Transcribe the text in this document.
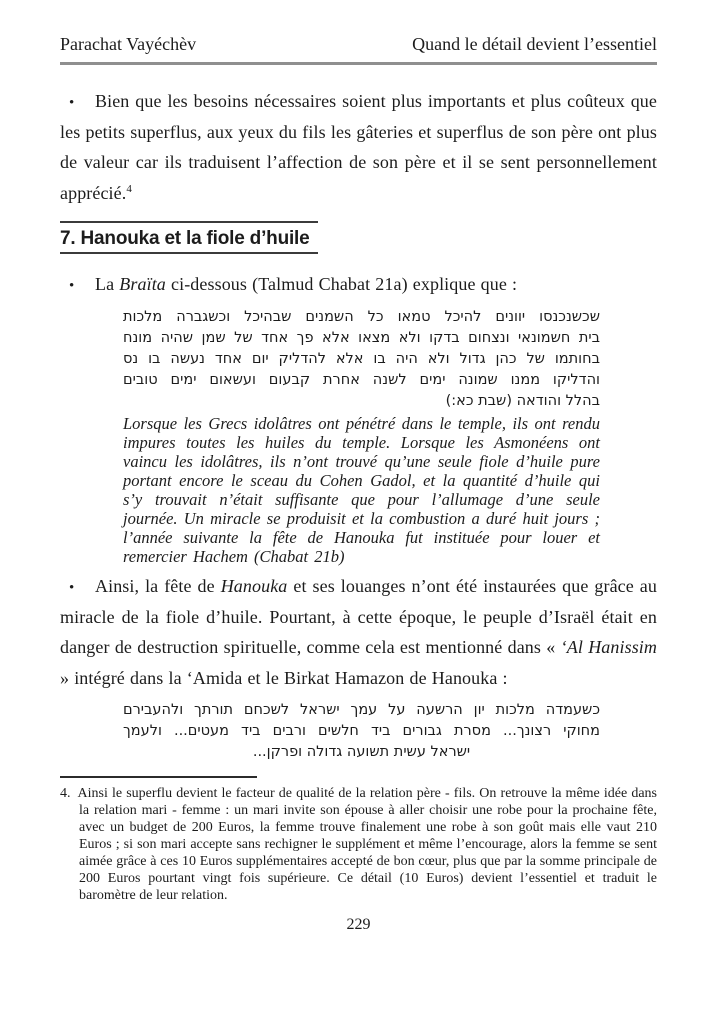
Parachat Vayéchèv	Quand le détail devient l’essentiel

• Bien que les besoins nécessaires soient plus importants et plus coûteux que les petits superflus, aux yeux du fils les gâteries et superflus de son père ont plus de valeur car ils traduisent l’affection de son père et il se sent personnellement apprécié.$^4$

7. Hanouka et la fiole d’huile

• La Braïta ci-dessous (Talmud Chabat 21a) explique que :

שכשנכנסו יוונים להיכל טמאו כל השמנים שבהיכל וכשגברה מלכות
בית חשמונאי ונצחום בדקו ולא מצאו אלא פך אחד של שמן שהיה מונח
בחותמו של כהן גדול ולא היה בו אלא להדליק יום אחד נעשה בו נס
והדליקו ממנו שמונה ימים לשנה אחרת קבעום ועשאום ימים טובים
בהלל והודאה (שבת כא:)

Lorsque les Grecs idolâtres ont pénétré dans le temple, ils ont rendu impures toutes les huiles du temple. Lorsque les Asmonéens ont vaincu les idolâtres, ils n’ont trouvé qu’une seule fiole d’huile pure portant encore le sceau du Cohen Gadol, et la quantité d’huile qui s’y trouvait n’était suffisante que pour l’allumage d’une seule journée. Un miracle se produisit et la combustion a duré huit jours ; l’année suivante la fête de Hanouka fut instituée pour louer et remercier Hachem (Chabat 21b)

• Ainsi, la fête de Hanouka et ses louanges n’ont été instaurées que grâce au miracle de la fiole d’huile. Pourtant, à cette époque, le peuple d’Israël était en danger de destruction spirituelle, comme cela est mentionné dans « ‘Al Hanissim » intégré dans la ‘Amida et le Birkat Hamazon de Hanouka :

כשעמדה מלכות יון הרשעה על עמך ישראל לשכחם תורתך ולהעבירם
מחוקי רצונך... מסרת גבורים ביד חלשים ורבים ביד מעטים... ולעמך
ישראל עשית תשועה גדולה ופרקן...

4. Ainsi le superflu devient le facteur de qualité de la relation père - fils. On retrouve la même idée dans la relation mari - femme : un mari invite son épouse à aller choisir une robe pour la prochaine fête, avec un budget de 200 Euros, la femme trouve finalement une robe à son goût mais elle vaut 210 Euros ; si son mari accepte sans rechigner le supplément et même l’encourage, alors la femme se sent aimée grâce à ces 10 Euros supplémentaires accepté de bon cœur, plus que par la somme principale de 200 Euros pourtant vingt fois supérieure. Ce détail (10 Euros) devient l’essentiel et traduit le baromètre de leur relation.

229
